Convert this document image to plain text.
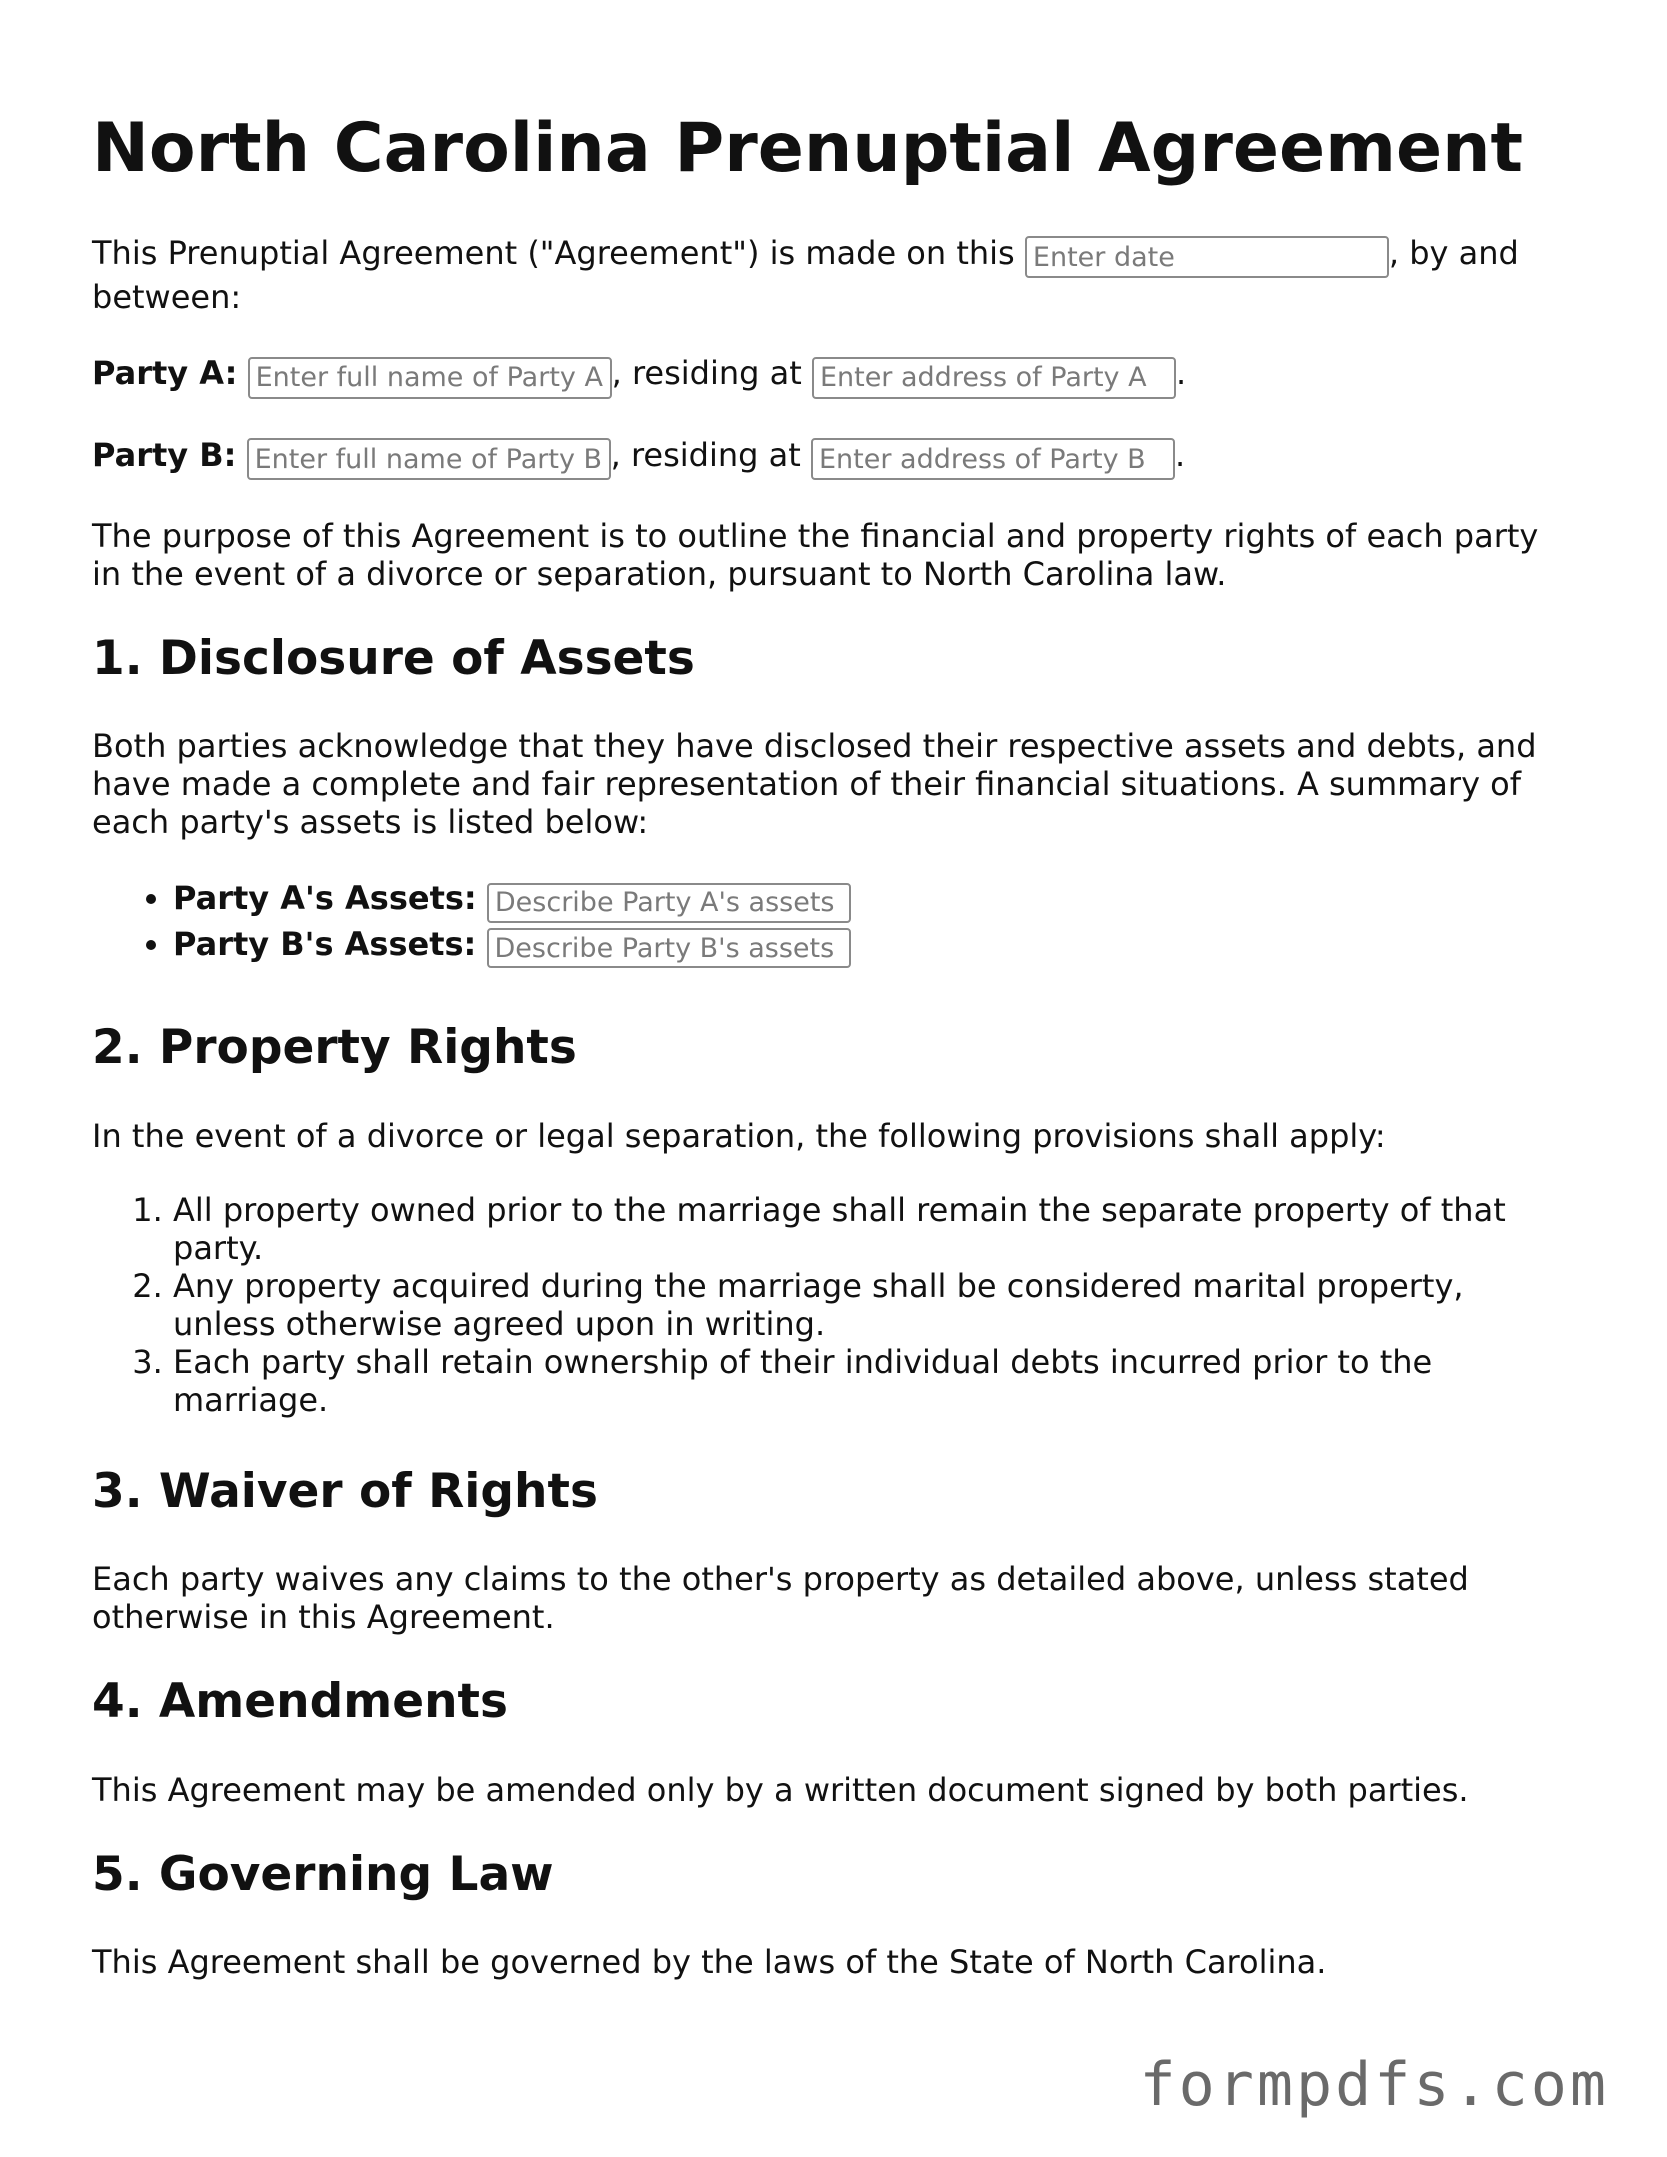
North Carolina Prenuptial Agreement

This Prenuptial Agreement ("Agreement") is made on this Enter date	, by and between:

Party A: Enter full name of Party A	, residing at Enter address of Party A	.

Party B: Enter full name of Party B	, residing at Enter address of Party B	.

The purpose of this Agreement is to outline the financial and property rights of each party in the event of a divorce or separation, pursuant to North Carolina law.

1. Disclosure of Assets

Both parties acknowledge that they have disclosed their respective assets and debts, and have made a complete and fair representation of their financial situations. A summary of each party's assets is listed below:

• Party A's Assets: Describe Party A's assets
• Party B's Assets: Describe Party B's assets
2. Property Rights

In the event of a divorce or legal separation, the following provisions shall apply:

1. All property owned prior to the marriage shall remain the separate property of that party.
2. Any property acquired during the marriage shall be considered marital property, unless otherwise agreed upon in writing.
3. Each party shall retain ownership of their individual debts incurred prior to the marriage.
3. Waiver of Rights

Each party waives any claims to the other's property as detailed above, unless stated otherwise in this Agreement.

4. Amendments

This Agreement may be amended only by a written document signed by both parties.

5. Governing Law

This Agreement shall be governed by the laws of the State of North Carolina.

formpdfs.com
